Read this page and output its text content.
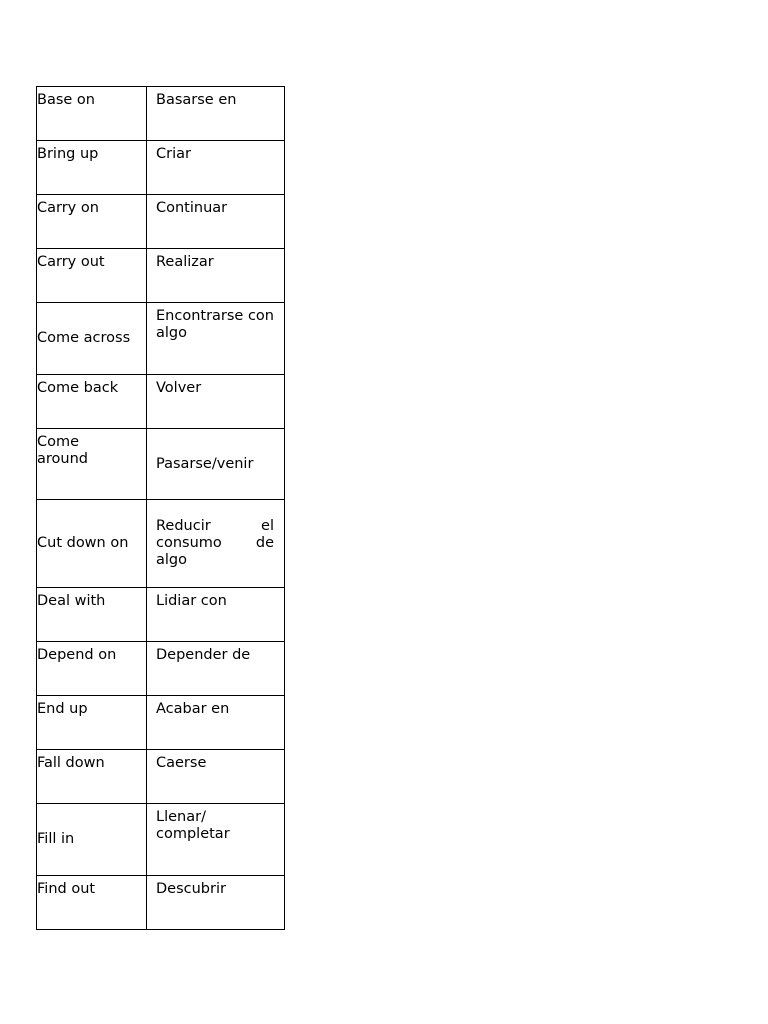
Base on	Basarse en
Bring up	Criar
Carry on	Continuar
Carry out	Realizar
Come across	Encontrarse con algo
Come back	Volver
Come around	Pasarse/venir
Cut down on	Reducir el consumo de algo
Deal with	Lidiar con
Depend on	Depender de
End up	Acabar en
Fall down	Caerse
Fill in	Llenar/ completar
Find out	Descubrir
